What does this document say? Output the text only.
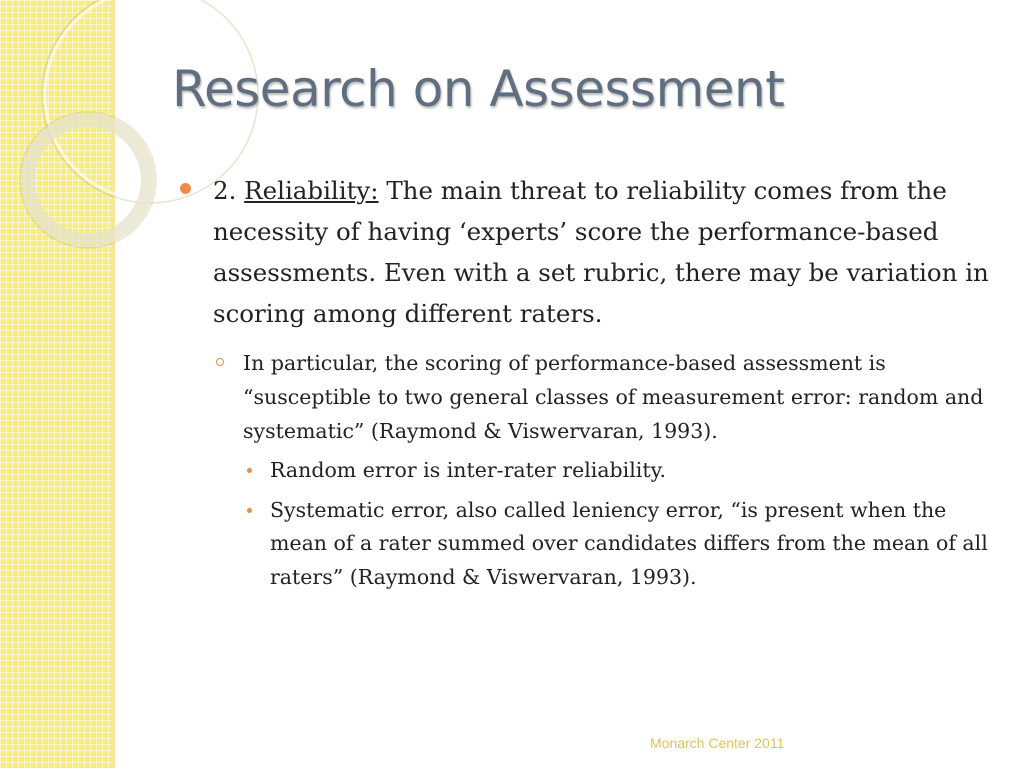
Research on Assessment
2. Reliability: The main threat to reliability comes from the necessity of having ‘experts’ score the performance-based assessments. Even with a set rubric, there may be variation in scoring among different raters.
In particular, the scoring of performance-based assessment is “susceptible to two general classes of measurement error: random and systematic” (Raymond & Viswervaran, 1993).
Random error is inter-rater reliability.
Systematic error, also called leniency error, “is present when the mean of a rater summed over candidates differs from the mean of all raters” (Raymond & Viswervaran, 1993).
Monarch Center 2011
